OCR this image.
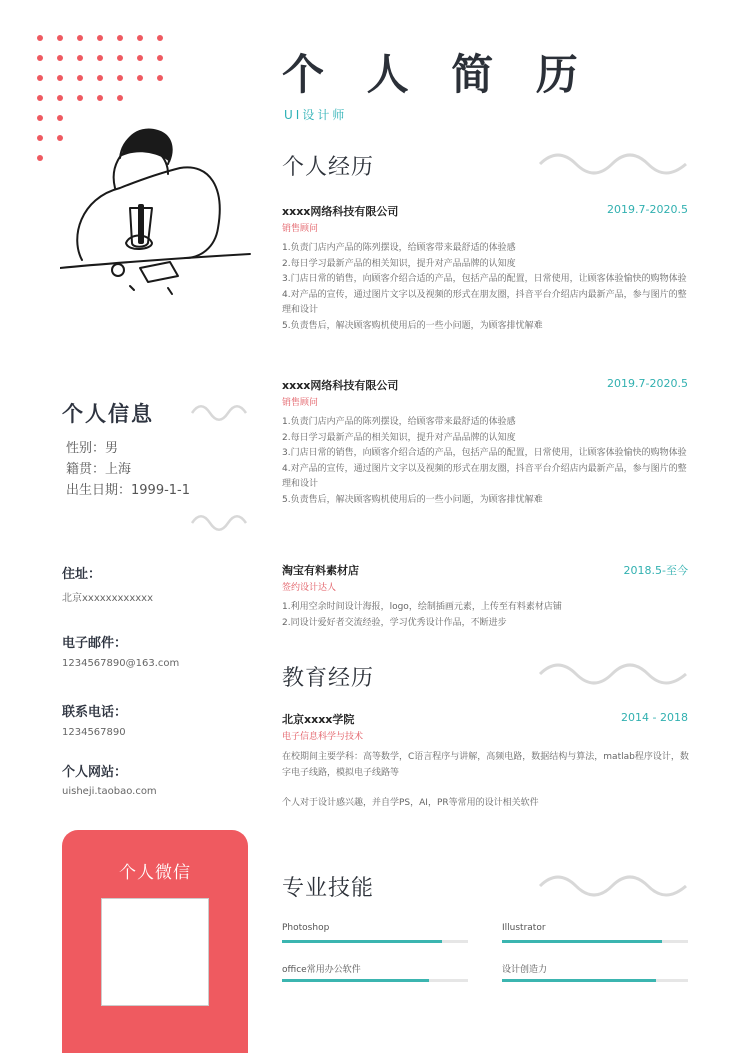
个 人 简 历
UI设计师
个人信息
性别：男
籍贯：上海
出生日期：1999-1-1
住址：
北京xxxxxxxxxxxx
电子邮件：
1234567890@163.com
联系电话：
1234567890
个人网站：
uisheji.taobao.com
个人微信
个人经历
xxxx网络科技有限公司	2019.7-2020.5
销售顾问
1.负责门店内产品的陈列摆设，给顾客带来最舒适的体验感
2.每日学习最新产品的相关知识，提升对产品品牌的认知度
3.门店日常的销售，向顾客介绍合适的产品，包括产品的配置，日常使用，让顾客体验愉快的购物体验
4.对产品的宣传，通过图片文字以及视频的形式在朋友圈，抖音平台介绍店内最新产品，参与图片的整理和设计
5.负责售后，解决顾客购机使用后的一些小问题，为顾客排忧解难
xxxx网络科技有限公司	2019.7-2020.5
销售顾问
1.负责门店内产品的陈列摆设，给顾客带来最舒适的体验感
2.每日学习最新产品的相关知识，提升对产品品牌的认知度
3.门店日常的销售，向顾客介绍合适的产品，包括产品的配置，日常使用，让顾客体验愉快的购物体验
4.对产品的宣传，通过图片文字以及视频的形式在朋友圈，抖音平台介绍店内最新产品，参与图片的整理和设计
5.负责售后，解决顾客购机使用后的一些小问题，为顾客排忧解难
淘宝有料素材店	2018.5-至今
签约设计达人
1.利用空余时间设计海报，logo，绘制插画元素，上传至有料素材店铺
2.同设计爱好者交流经验，学习优秀设计作品，不断进步
教育经历
北京xxxx学院	2014 - 2018
电子信息科学与技术
在校期间主要学科：高等数学，C语言程序与讲解，高频电路，数据结构与算法，matlab程序设计，数字电子线路，模拟电子线路等
个人对于设计感兴趣，并自学PS，AI，PR等常用的设计相关软件
专业技能
Photoshop	Illustrator
office常用办公软件	设计创造力
